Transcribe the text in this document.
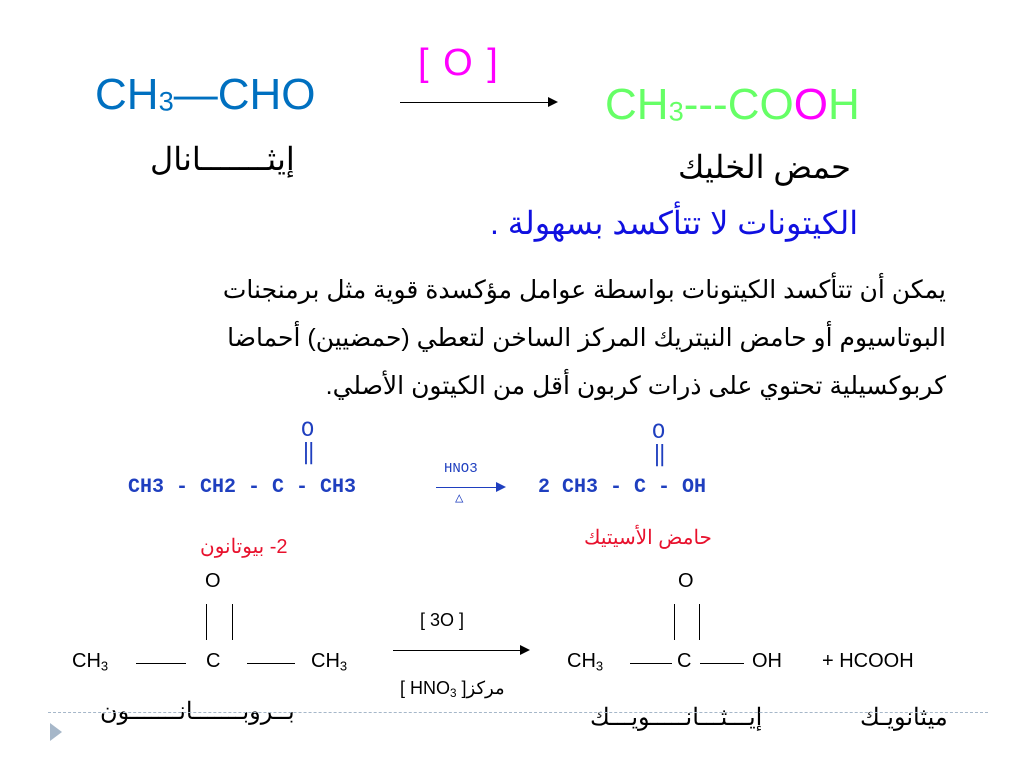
[ O ]
CH3—CHO	CH3---COOH
إيثـــــــانال	حمض الخليك
الكيتونات لا تتأكسد بسهولة .
يمكن أن تتأكسد الكيتونات بواسطة عوامل مؤكسدة قوية مثل برمنجنات
البوتاسيوم أو حامض النيتريك المركز الساخن لتعطي (حمضيين) أحماضا
كربوكسيلية تحتوي على ذرات كربون أقل من الكيتون الأصلي.
O
‖
CH3 - CH2 - C - CH3
HNO3
△
O
‖
2 CH3 - C - OH
2- بيوتانون	حامض الأسيتيك
O
CH3	C	CH3
[ 3O ]
[ HNO3 ]مركز
O
CH3	C	OH + HCOOH
بــروبـــــــانـــــــون	إيـــثـــانـــــويـــك	ميثانويـك
